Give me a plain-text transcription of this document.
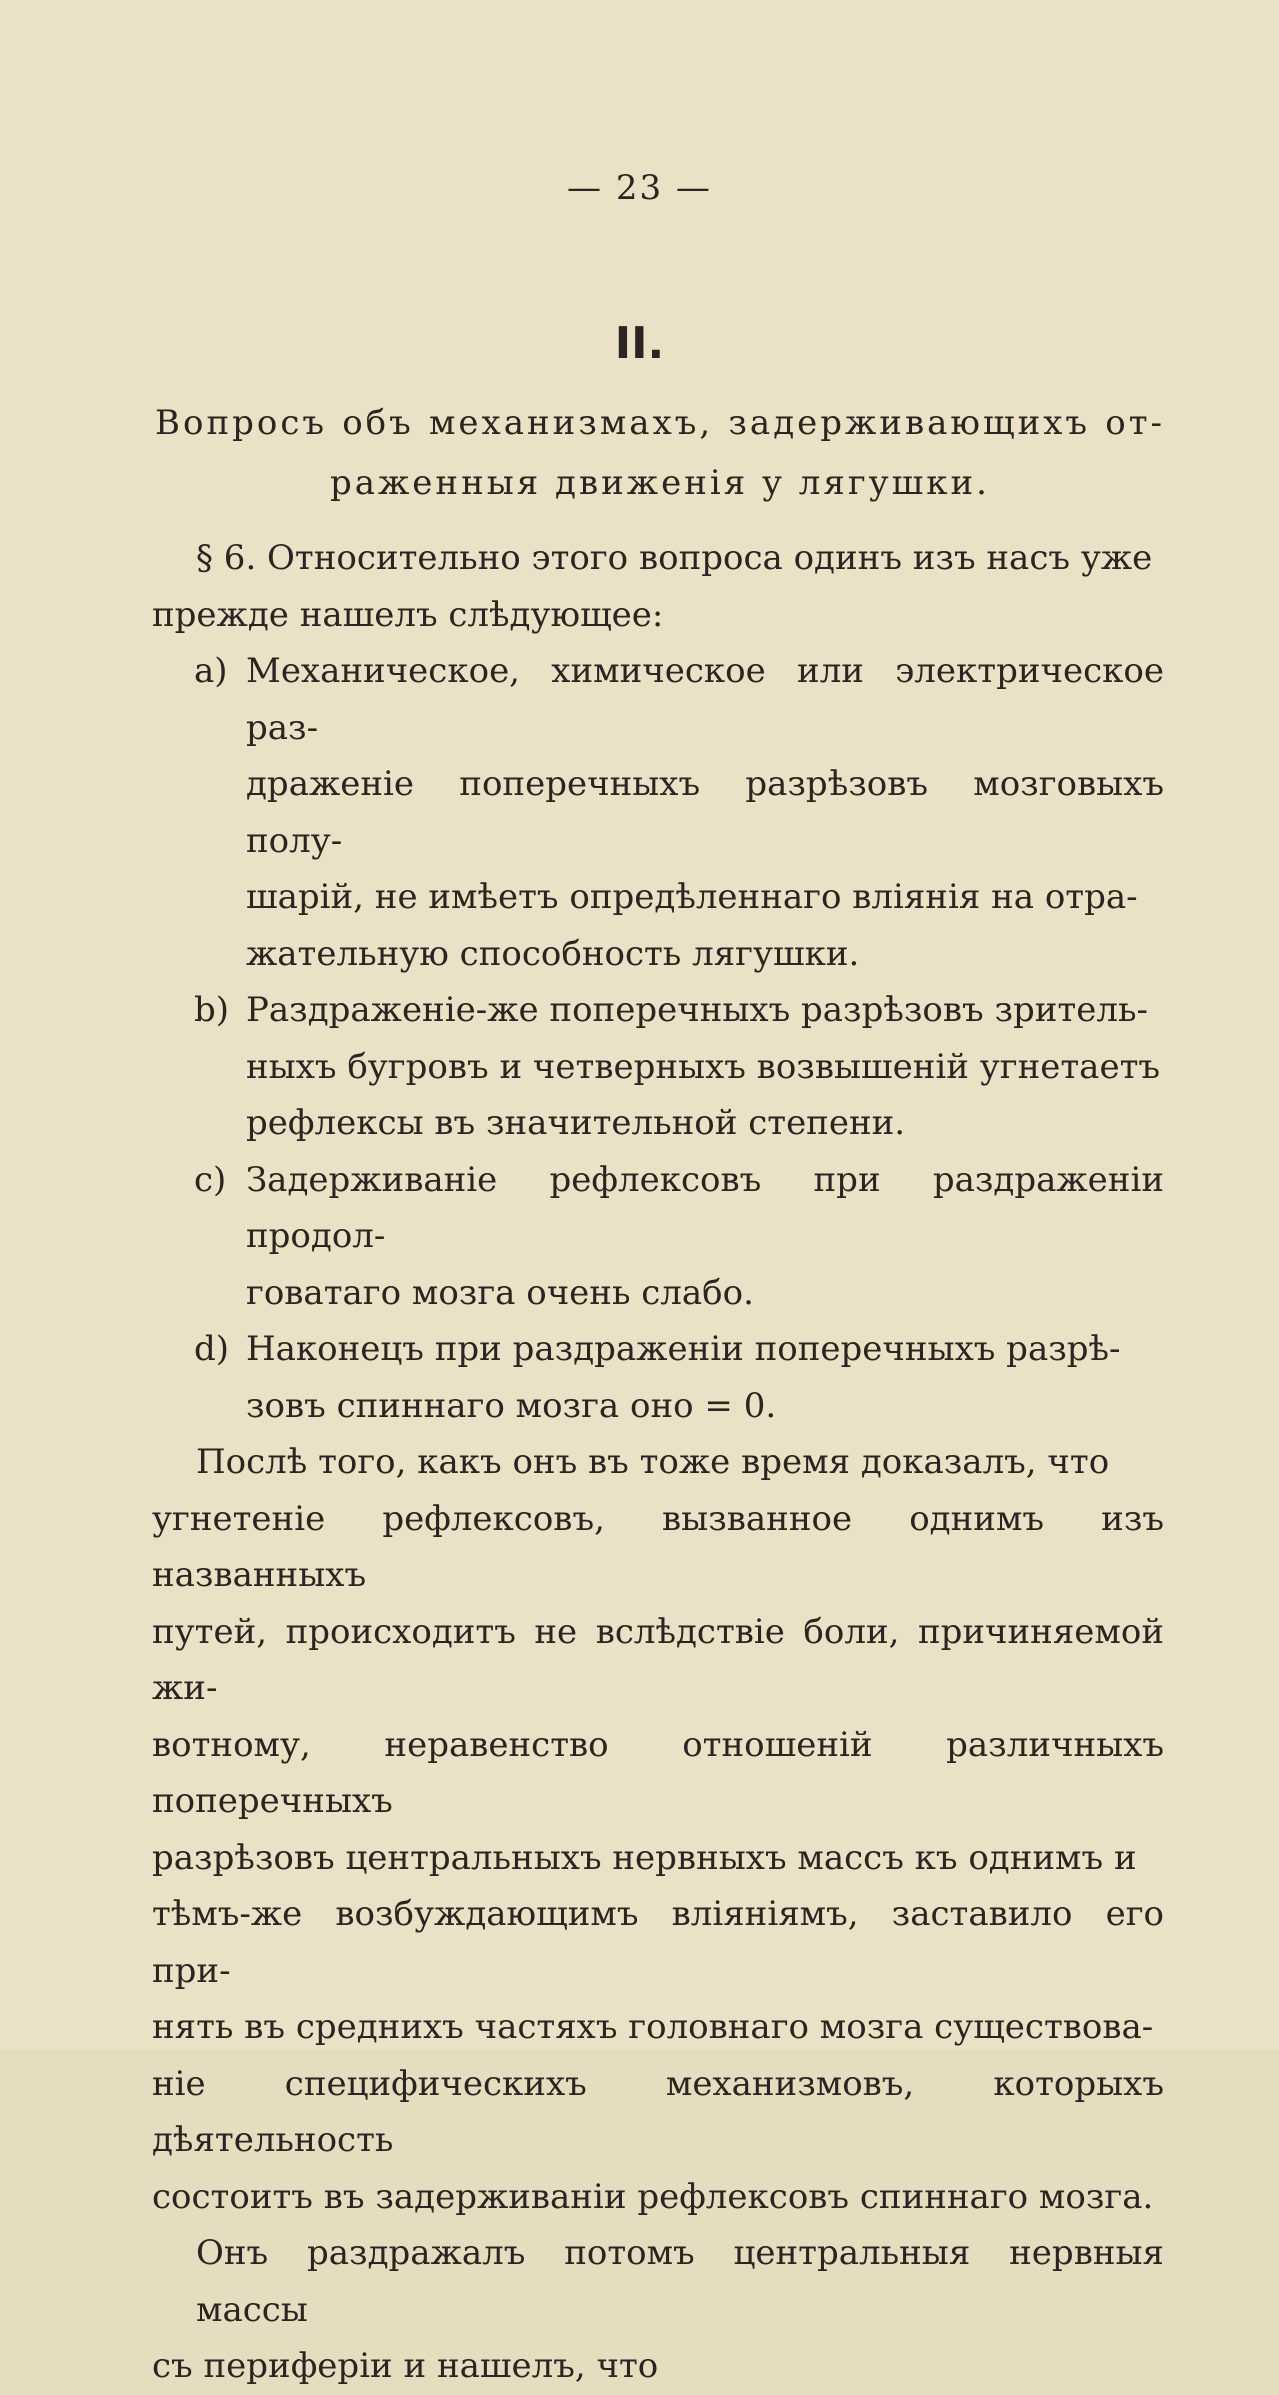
— 23 —
II.
Вопросъ объ механизмахъ, задерживающихъ от-
раженныя движенія у лягушки.

§ 6. Относительно этого вопроса одинъ изъ насъ уже
прежде нашелъ слѣдующее:

a) Механическое, химическое или электрическое раз-
драженіе поперечныхъ разрѣзовъ мозговыхъ полу-
шарій, не имѣетъ опредѣленнаго вліянія на отра-
жательную способность лягушки.
b) Раздраженіе-же поперечныхъ разрѣзовъ зритель-
ныхъ бугровъ и четверныхъ возвышеній угнетаетъ
рефлексы въ значительной степени.
c) Задерживаніе рефлексовъ при раздраженіи продол-
говатаго мозга очень слабо.
d) Наконецъ при раздраженіи поперечныхъ разрѣ-
зовъ спиннаго мозга оно = 0.
Послѣ того, какъ онъ въ тоже время доказалъ, что
угнетеніе рефлексовъ, вызванное однимъ изъ названныхъ
путей, происходитъ не вслѣдствіе боли, причиняемой жи-
вотному, неравенство отношеній различныхъ поперечныхъ
разрѣзовъ центральныхъ нервныхъ массъ къ однимъ и
тѣмъ-же возбуждающимъ вліяніямъ, заставило его при-
нять въ среднихъ частяхъ головнаго мозга существова-
ніе специфическихъ механизмовъ, которыхъ дѣятельность
состоитъ въ задерживаніи рефлексовъ спиннаго мозга.
Онъ раздражалъ потомъ центральныя нервныя массы
съ периферіи и нашелъ, что
